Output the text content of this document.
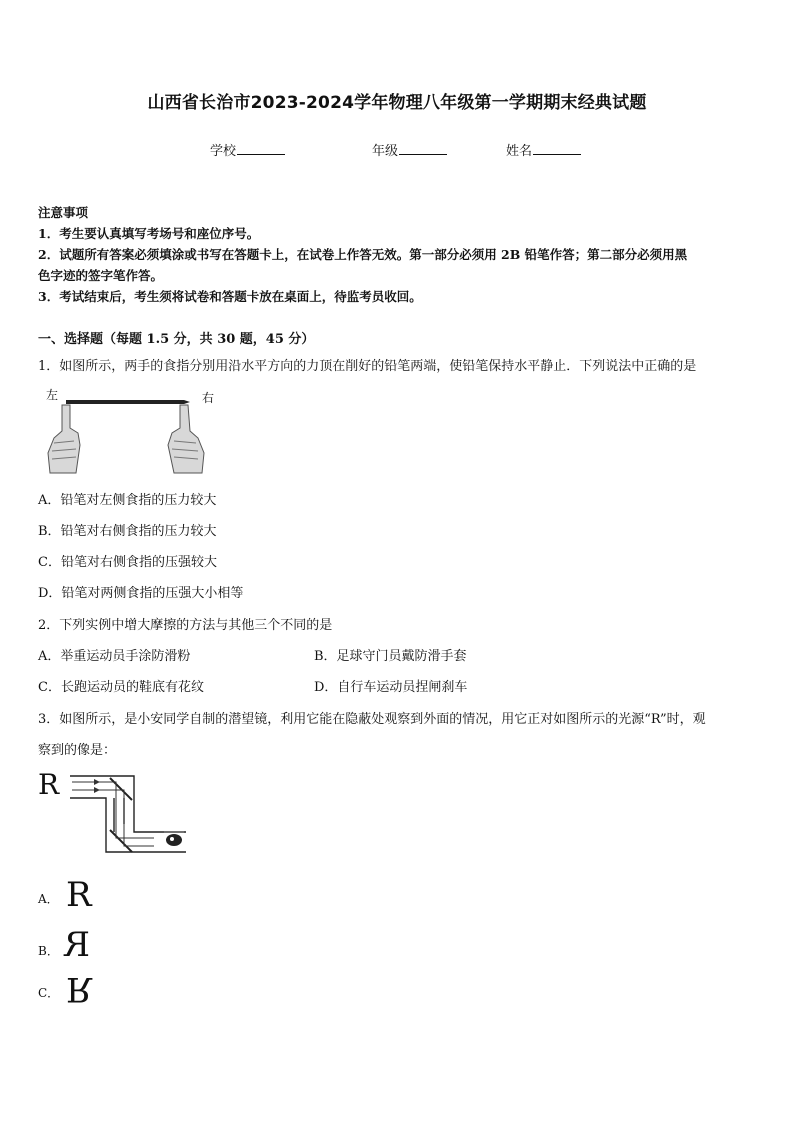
山西省长治市2023-2024学年物理八年级第一学期期末经典试题
学校	年级	姓名
注意事项
1．考生要认真填写考场号和座位序号。
2．试题所有答案必须填涂或书写在答题卡上，在试卷上作答无效。第一部分必须用 2B 铅笔作答；第二部分必须用黑
色字迹的签字笔作答。
3．考试结束后，考生须将试卷和答题卡放在桌面上，待监考员收回。
一、选择题（每题 1.5 分，共 30 题，45 分）
1．如图所示，两手的食指分别用沿水平方向的力顶在削好的铅笔两端，使铅笔保持水平静止．下列说法中正确的是
左	右
A．铅笔对左侧食指的压力较大
B．铅笔对右侧食指的压力较大
C．铅笔对右侧食指的压强较大
D．铅笔对两侧食指的压强大小相等
2．下列实例中增大摩擦的方法与其他三个不同的是
A．举重运动员手涂防滑粉	B．足球守门员戴防滑手套
C．长跑运动员的鞋底有花纹	D．自行车运动员捏闸刹车
3．如图所示，是小安同学自制的潜望镜，利用它能在隐蔽处观察到外面的情况，用它正对如图所示的光源“R”时，观
察到的像是：
R
A． R
B． R
C． R
